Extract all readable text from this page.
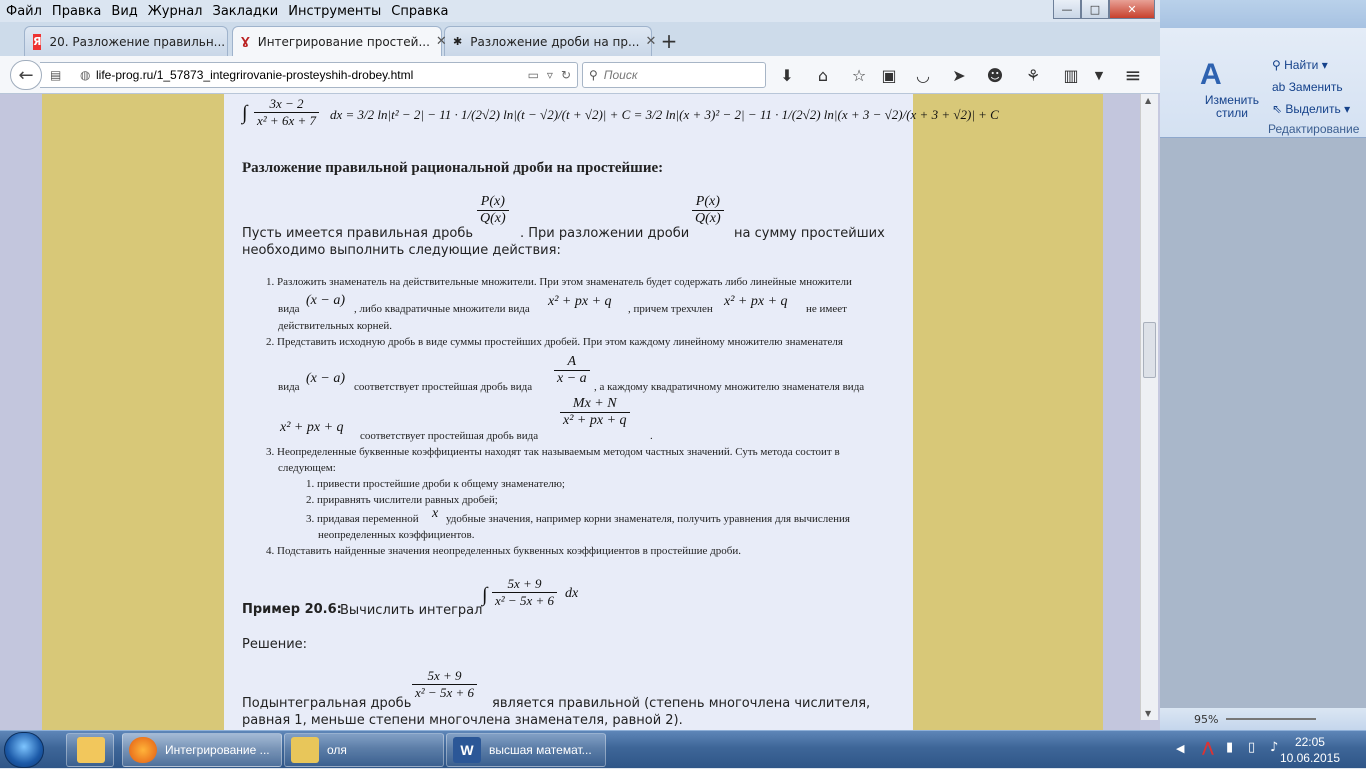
A
Изменить стили
⚲ Найти ▾
ab Заменить
⇖ Выделить ▾
Редактирование
95%
Файл Правка Вид Журнал Закладки Инструменты Справка	—	□	✕
Я 20. Разложение правильн... Ɣ Интегрирование простей... ✕ ✱ Разложение дроби на пр... ✕ +
▤ ◍ life-prog.ru/1_57873_integrirovanie-prosteyshih-drobey.html	▭ ▿ ↻
←	⚲ Поиск	⬇	⌂	☆ ▣ ◡ ➤ ☻ ⚘ ▥	▼	≡
∫ $\frac{3x - 2}{\text{x² + 6x + 7}}$ dx = 3/2 ln|t² − 2| − 11 · 1/(2√2) ln|(t − √2)/(t + √2)| + C = 3/2 ln|(x + 3)² − 2| − 11 · 1/(2√2) ln|(x + 3 − √2)/(x + 3 + √2)| + C
Разложение правильной рациональной дроби на простейшие:
Пусть имеется правильная дробь
$\frac{P(x)}{Q(x)}$
. При разложении дроби
$\frac{P(x)}{Q(x)}$
на сумму простейших
необходимо выполнить следующие действия:
1. Разложить знаменатель на действительные множители. При этом знаменатель будет содержать либо линейные множители
вида
(x − a)
, либо квадратичные множители вида x² + px + q , причем трехчлен x² + px + q не имеет
действительных корней.
2. Представить исходную дробь в виде суммы простейших дробей. При этом каждому линейному множителю знаменателя
вида
(x − a)
соответствует простейшая дробь вида $\frac{A}{x - a}$ , а каждому квадратичному множителю знаменателя вида
x² + px + q
соответствует простейшая дробь вида
$\frac{Mx + N}{\text{x² + px + q}}$
.
3. Неопределенные буквенные коэффициенты находят так называемым методом частных значений. Суть метода состоит в
следующем:
1. привести простейшие дроби к общему знаменателю;
2. приравнять числители равных дробей;
3. придавая переменной x удобные значения, например корни знаменателя, получить уравнения для вычисления
неопределенных коэффициентов.
4. Подставить найденные значения неопределенных буквенных коэффициентов в простейшие дроби.
Пример 20.6:
Вычислить интеграл
∫ $\frac{5x + 9}{\text{x² − 5x + 6}}$ dx
Решение:
Подынтегральная дробь
$\frac{5x + 9}{\text{x² − 5x + 6}}$
является правильной (степень многочлена числителя,
равная 1, меньше степени многочлена знаменателя, равной 2).
▲
▼
Интегрирование ...	оля	W	высшая математ...	◀ ⋀ ▮ ▯ ♪	22:05
10.06.2015
